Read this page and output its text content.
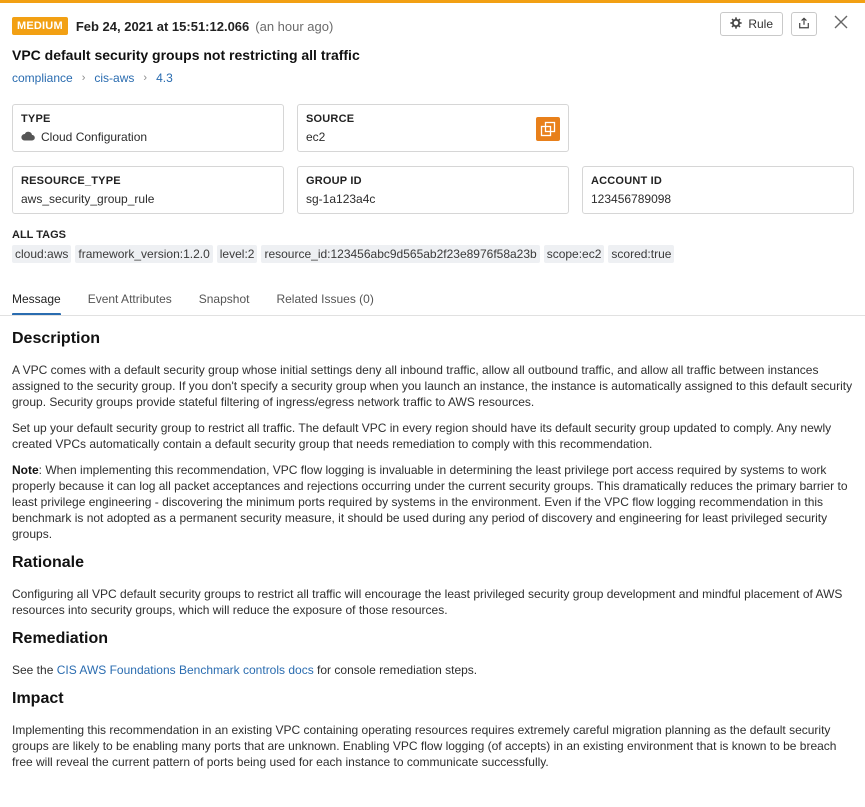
MEDIUM	Feb 24, 2021 at 15:51:12.066 (an hour ago)	Rule
VPC default security groups not restricting all traffic
compliance › cis-aws › 4.3
TYPE
Cloud Configuration
SOURCE
ec2
RESOURCE_TYPE
aws_security_group_rule
GROUP ID
sg-1a123a4c
ACCOUNT ID
123456789098
ALL TAGS
cloud:aws framework_version:1.2.0 level:2 resource_id:123456abc9d565ab2f23e8976f58a23b scope:ec2 scored:true
Message Event Attributes Snapshot Related Issues (0)
Description

A VPC comes with a default security group whose initial settings deny all inbound traffic, allow all outbound traffic, and allow all traffic between instances assigned to the security group. If you don't specify a security group when you launch an instance, the instance is automatically assigned to this default security group. Security groups provide stateful filtering of ingress/egress network traffic to AWS resources.

Set up your default security group to restrict all traffic. The default VPC in every region should have its default security group updated to comply. Any newly created VPCs automatically contain a default security group that needs remediation to comply with this recommendation.

Note: When implementing this recommendation, VPC flow logging is invaluable in determining the least privilege port access required by systems to work properly because it can log all packet acceptances and rejections occurring under the current security groups. This dramatically reduces the primary barrier to least privilege engineering - discovering the minimum ports required by systems in the environment. Even if the VPC flow logging recommendation in this benchmark is not adopted as a permanent security measure, it should be used during any period of discovery and engineering for least privileged security groups.

Rationale

Configuring all VPC default security groups to restrict all traffic will encourage the least privileged security group development and mindful placement of AWS resources into security groups, which will reduce the exposure of those resources.

Remediation

See the CIS AWS Foundations Benchmark controls docs for console remediation steps.

Impact

Implementing this recommendation in an existing VPC containing operating resources requires extremely careful migration planning as the default security groups are likely to be enabling many ports that are unknown. Enabling VPC flow logging (of accepts) in an existing environment that is known to be breach free will reveal the current pattern of ports being used for each instance to communicate successfully.
